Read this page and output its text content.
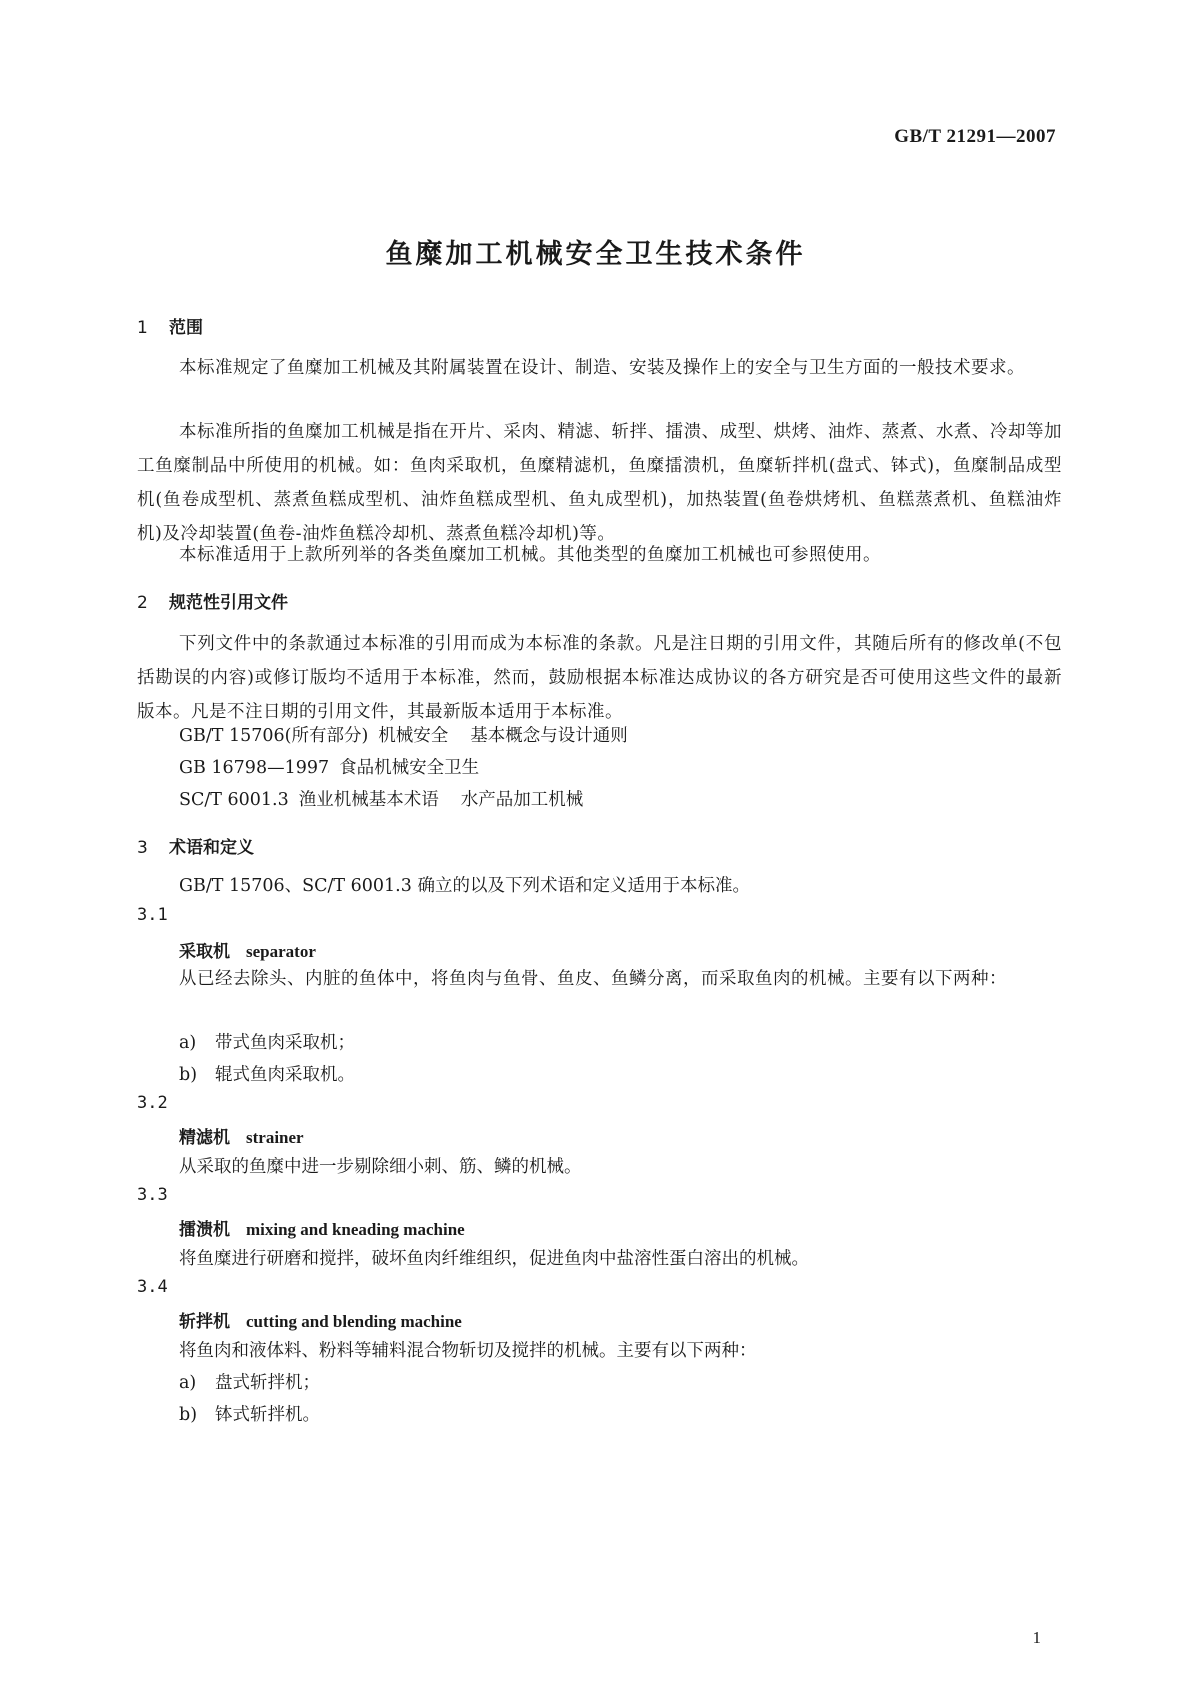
GB/T 21291—2007
鱼糜加工机械安全卫生技术条件
1 范围
本标准规定了鱼糜加工机械及其附属装置在设计、制造、安装及操作上的安全与卫生方面的一般技术要求。
本标准所指的鱼糜加工机械是指在开片、采肉、精滤、斩拌、擂溃、成型、烘烤、油炸、蒸煮、水煮、冷却等加工鱼糜制品中所使用的机械。如：鱼肉采取机，鱼糜精滤机，鱼糜擂溃机，鱼糜斩拌机(盘式、钵式)，鱼糜制品成型机(鱼卷成型机、蒸煮鱼糕成型机、油炸鱼糕成型机、鱼丸成型机)，加热装置(鱼卷烘烤机、鱼糕蒸煮机、鱼糕油炸机)及冷却装置(鱼卷-油炸鱼糕冷却机、蒸煮鱼糕冷却机)等。
本标准适用于上款所列举的各类鱼糜加工机械。其他类型的鱼糜加工机械也可参照使用。
2 规范性引用文件
下列文件中的条款通过本标准的引用而成为本标准的条款。凡是注日期的引用文件，其随后所有的修改单(不包括勘误的内容)或修订版均不适用于本标准，然而，鼓励根据本标准达成协议的各方研究是否可使用这些文件的最新版本。凡是不注日期的引用文件，其最新版本适用于本标准。
GB/T 15706(所有部分) 机械安全 基本概念与设计通则
GB 16798—1997 食品机械安全卫生
SC/T 6001.3 渔业机械基本术语 水产品加工机械
3 术语和定义
GB/T 15706、SC/T 6001.3 确立的以及下列术语和定义适用于本标准。
3.1
采取机 separator
从已经去除头、内脏的鱼体中，将鱼肉与鱼骨、鱼皮、鱼鳞分离，而采取鱼肉的机械。主要有以下两种：
a) 带式鱼肉采取机；
b) 辊式鱼肉采取机。
3.2
精滤机 strainer
从采取的鱼糜中进一步剔除细小刺、筋、鳞的机械。
3.3
擂溃机 mixing and kneading machine
将鱼糜进行研磨和搅拌，破坏鱼肉纤维组织，促进鱼肉中盐溶性蛋白溶出的机械。
3.4
斩拌机 cutting and blending machine
将鱼肉和液体料、粉料等辅料混合物斩切及搅拌的机械。主要有以下两种：
a) 盘式斩拌机；
b) 钵式斩拌机。
1
